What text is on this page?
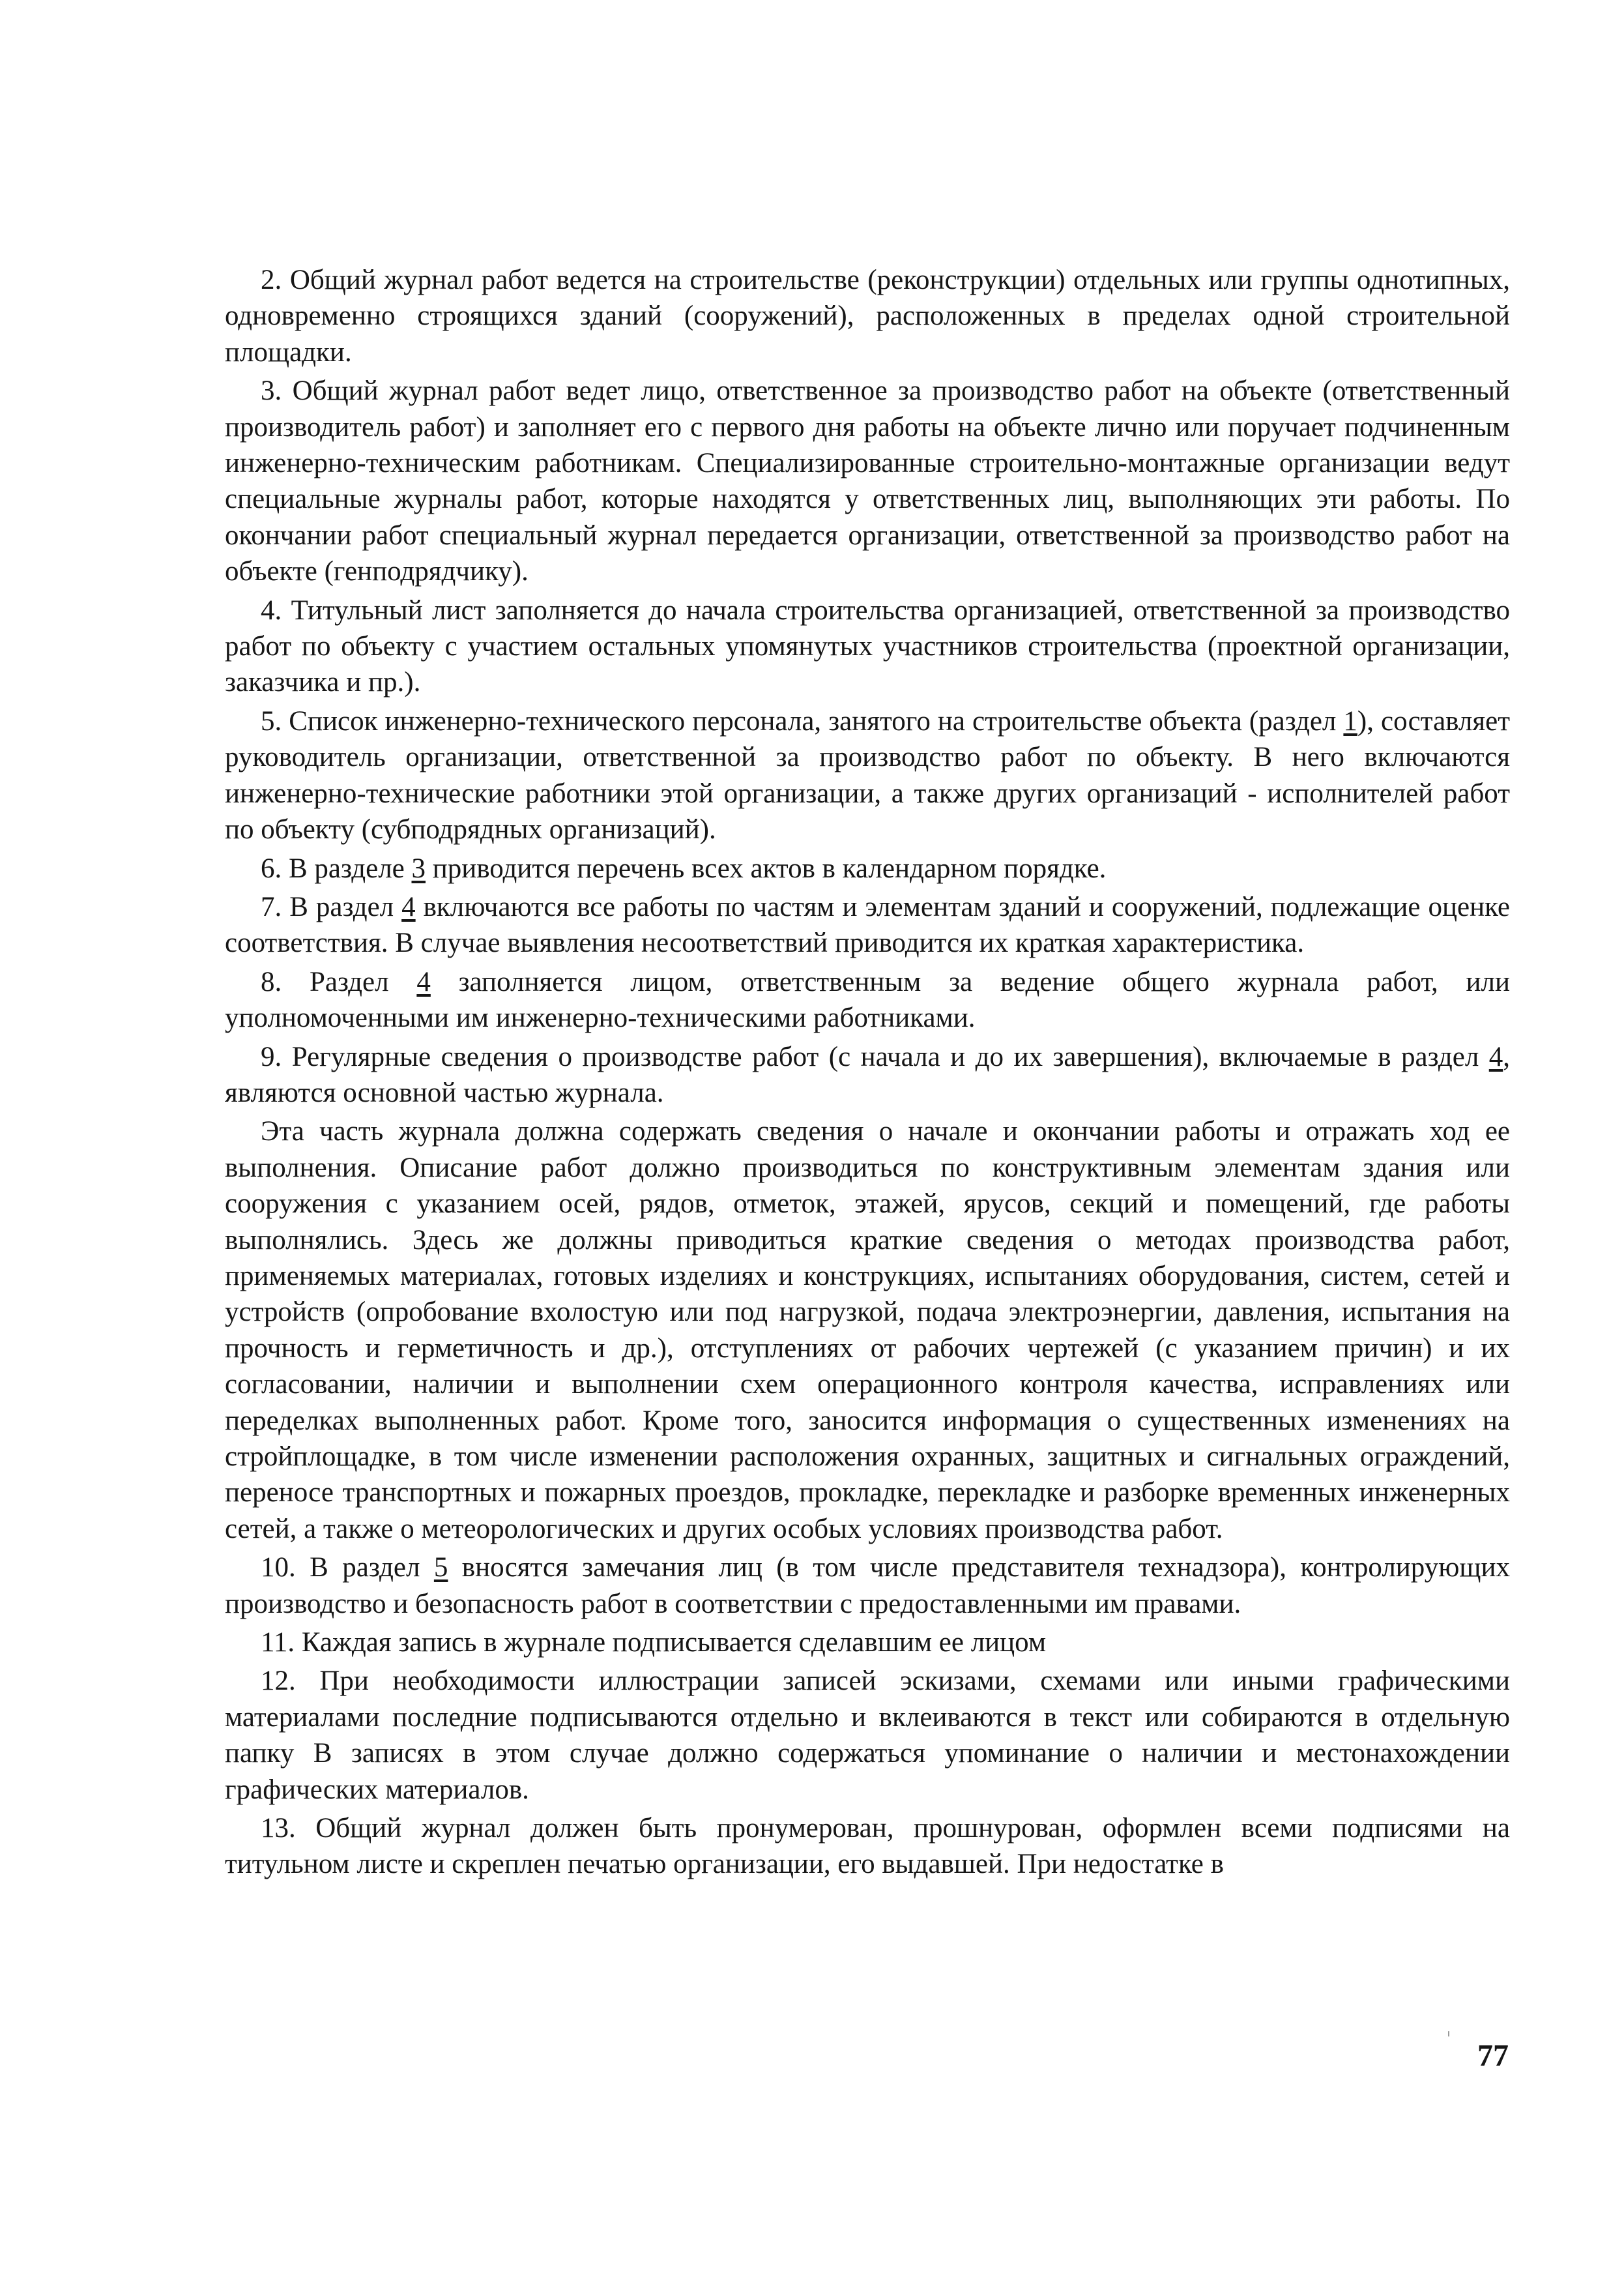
2. Общий журнал работ ведется на строительстве (реконструкции) отдельных или группы однотипных, одновременно строящихся зданий (сооружений), расположенных в пределах одной строительной площадки.

3. Общий журнал работ ведет лицо, ответственное за производство работ на объекте (ответственный производитель работ) и заполняет его с первого дня работы на объекте лично или поручает подчиненным инженерно-техническим работникам. Специализированные строительно-монтажные организации ведут специальные журналы работ, которые находятся у ответственных лиц, выполняющих эти работы. По окончании работ специальный журнал передается организации, ответственной за производство работ на объекте (генподрядчику).

4. Титульный лист заполняется до начала строительства организацией, ответственной за производство работ по объекту с участием остальных упомянутых участников строительства (проектной организации, заказчика и пр.).

5. Список инженерно-технического персонала, занятого на строительстве объекта (раздел 1), составляет руководитель организации, ответственной за производство работ по объекту. В него включаются инженерно-технические работники этой организации, а также других организаций - исполнителей работ по объекту (субподрядных организаций).

6. В разделе 3 приводится перечень всех актов в календарном порядке.

7. В раздел 4 включаются все работы по частям и элементам зданий и сооружений, подлежащие оценке соответствия. В случае выявления несоответствий приводится их краткая характеристика.

8. Раздел 4 заполняется лицом, ответственным за ведение общего журнала работ, или уполномоченными им инженерно-техническими работниками.

9. Регулярные сведения о производстве работ (с начала и до их завершения), включаемые в раздел 4, являются основной частью журнала.

Эта часть журнала должна содержать сведения о начале и окончании работы и отражать ход ее выполнения. Описание работ должно производиться по конструктивным элементам здания или сооружения с указанием осей, рядов, отметок, этажей, ярусов, секций и помещений, где работы выполнялись. Здесь же должны приводиться краткие сведения о методах производства работ, применяемых материалах, готовых изделиях и конструкциях, испытаниях оборудования, систем, сетей и устройств (опробование вхолостую или под нагрузкой, подача электроэнергии, давления, испытания на прочность и герметичность и др.), отступлениях от рабочих чертежей (с указанием причин) и их согласовании, наличии и выполнении схем операционного контроля качества, исправлениях или переделках выполненных работ. Кроме того, заносится информация о существенных изменениях на стройплощадке, в том числе изменении расположения охранных, защитных и сигнальных ограждений, переносе транспортных и пожарных проездов, прокладке, перекладке и разборке временных инженерных сетей, а также о метеорологических и других особых условиях производства работ.

10. В раздел 5 вносятся замечания лиц (в том числе представителя технадзора), контролирующих производство и безопасность работ в соответствии с предоставленными им правами.

11. Каждая запись в журнале подписывается сделавшим ее лицом

12. При необходимости иллюстрации записей эскизами, схемами или иными графическими материалами последние подписываются отдельно и вклеиваются в текст или собираются в отдельную папку В записях в этом случае должно содержаться упоминание о наличии и местонахождении графических материалов.

13. Общий журнал должен быть пронумерован, прошнурован, оформлен всеми подписями на титульном листе и скреплен печатью организации, его выдавшей. При недостатке в

77
